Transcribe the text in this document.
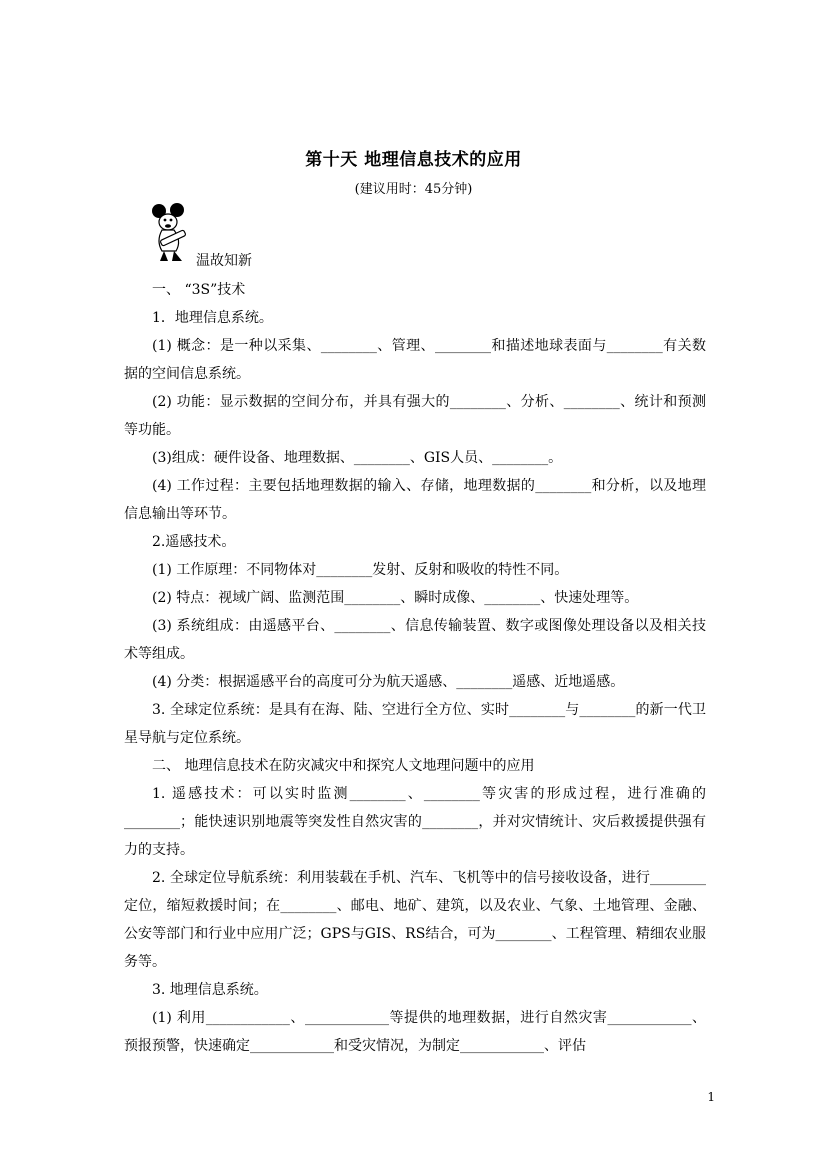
第十天 地理信息技术的应用
(建议用时：45分钟)
温故知新

一、 “3S”技术

1．地理信息系统。

(1) 概念：是一种以采集、________、管理、________和描述地球表面与________有关数据的空间信息系统。

(2) 功能：显示数据的空间分布，并具有强大的________、分析、________、统计和预测等功能。

(3)组成：硬件设备、地理数据、________、GIS人员、________。

(4) 工作过程：主要包括地理数据的输入、存储，地理数据的________和分析，以及地理信息输出等环节。

2.遥感技术。

(1) 工作原理：不同物体对________发射、反射和吸收的特性不同。

(2) 特点：视域广阔、监测范围________、瞬时成像、________、快速处理等。

(3) 系统组成：由遥感平台、________、信息传输装置、数字或图像处理设备以及相关技术等组成。

(4) 分类：根据遥感平台的高度可分为航天遥感、________遥感、近地遥感。

3. 全球定位系统：是具有在海、陆、空进行全方位、实时________与________的新一代卫星导航与定位系统。

二、 地理信息技术在防灾减灾中和探究人文地理问题中的应用

1. 遥感技术：可以实时监测________、________等灾害的形成过程，进行准确的________；能快速识别地震等突发性自然灾害的________，并对灾情统计、灾后救援提供强有力的支持。

2. 全球定位导航系统：利用装载在手机、汽车、飞机等中的信号接收设备，进行________定位，缩短救援时间；在________、邮电、地矿、建筑，以及农业、气象、土地管理、金融、公安等部门和行业中应用广泛；GPS与GIS、RS结合，可为________、工程管理、精细农业服务等。

3. 地理信息系统。

(1) 利用____________、____________等提供的地理数据，进行自然灾害____________、预报预警，快速确定____________和受灾情况，为制定____________、评估

1
